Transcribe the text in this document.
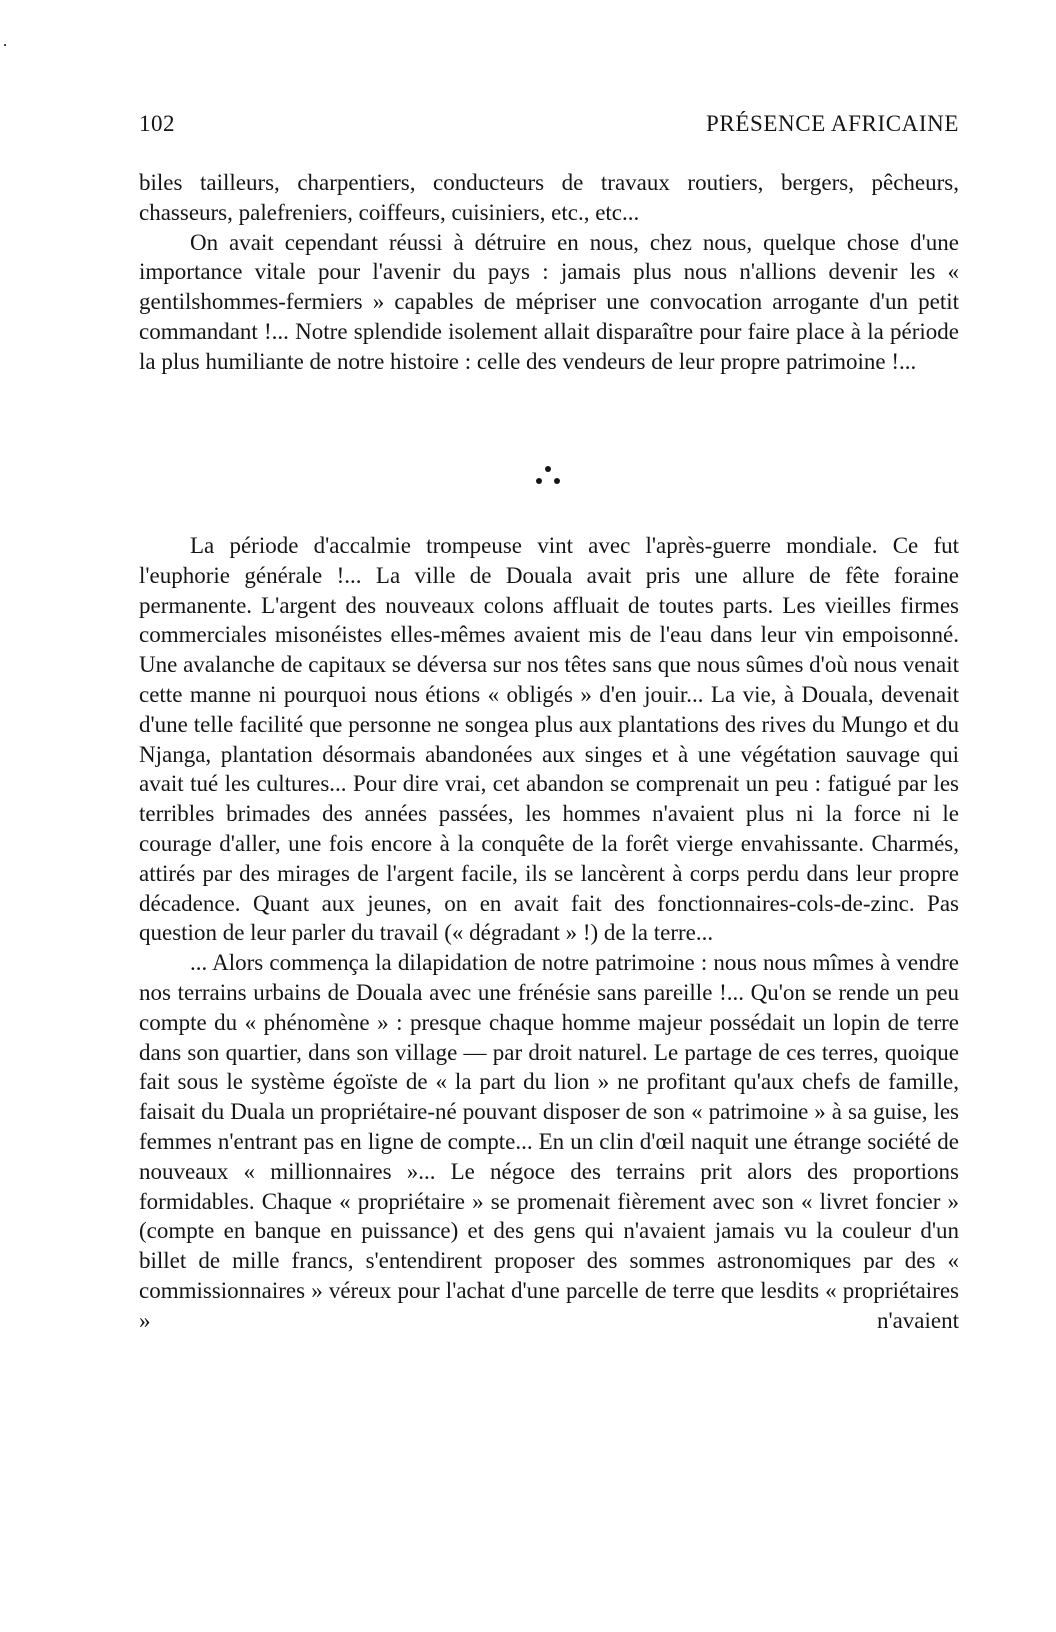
102	PRÉSENCE AFRICAINE

biles tailleurs, charpentiers, conducteurs de travaux routiers, bergers, pêcheurs, chasseurs, palefreniers, coiffeurs, cuisiniers, etc., etc...

On avait cependant réussi à détruire en nous, chez nous, quelque chose d'une importance vitale pour l'avenir du pays : jamais plus nous n'allions devenir les « gentilshommes-fermiers » capables de mépriser une convocation arrogante d'un petit commandant !... Notre splendide isolement allait disparaître pour faire place à la période la plus humiliante de notre histoire : celle des vendeurs de leur propre patrimoine !...

La période d'accalmie trompeuse vint avec l'après-guerre mondiale. Ce fut l'euphorie générale !... La ville de Douala avait pris une allure de fête foraine permanente. L'argent des nouveaux colons affluait de toutes parts. Les vieilles firmes commerciales misonéistes elles-mêmes avaient mis de l'eau dans leur vin empoisonné. Une avalanche de capitaux se déversa sur nos têtes sans que nous sûmes d'où nous venait cette manne ni pourquoi nous étions « obligés » d'en jouir... La vie, à Douala, devenait d'une telle facilité que personne ne songea plus aux plantations des rives du Mungo et du Njanga, plantation désormais abandonées aux singes et à une végétation sauvage qui avait tué les cultures... Pour dire vrai, cet abandon se comprenait un peu : fatigué par les terribles brimades des années passées, les hommes n'avaient plus ni la force ni le courage d'aller, une fois encore à la conquête de la forêt vierge envahissante. Charmés, attirés par des mirages de l'argent facile, ils se lancèrent à corps perdu dans leur propre décadence. Quant aux jeunes, on en avait fait des fonctionnaires-cols-de-zinc. Pas question de leur parler du travail (« dégradant » !) de la terre...

... Alors commença la dilapidation de notre patrimoine : nous nous mîmes à vendre nos terrains urbains de Douala avec une frénésie sans pareille !... Qu'on se rende un peu compte du « phénomène » : presque chaque homme majeur possédait un lopin de terre dans son quartier, dans son village — par droit naturel. Le partage de ces terres, quoique fait sous le système égoïste de « la part du lion » ne profitant qu'aux chefs de famille, faisait du Duala un propriétaire-né pouvant disposer de son « patrimoine » à sa guise, les femmes n'entrant pas en ligne de compte... En un clin d'œil naquit une étrange société de nouveaux « millionnaires »... Le négoce des terrains prit alors des proportions formidables. Chaque « propriétaire » se promenait fièrement avec son « livret foncier » (compte en banque en puissance) et des gens qui n'avaient jamais vu la couleur d'un billet de mille francs, s'entendirent proposer des sommes astronomiques par des « commissionnaires » véreux pour l'achat d'une parcelle de terre que lesdits « propriétaires » n'avaient
